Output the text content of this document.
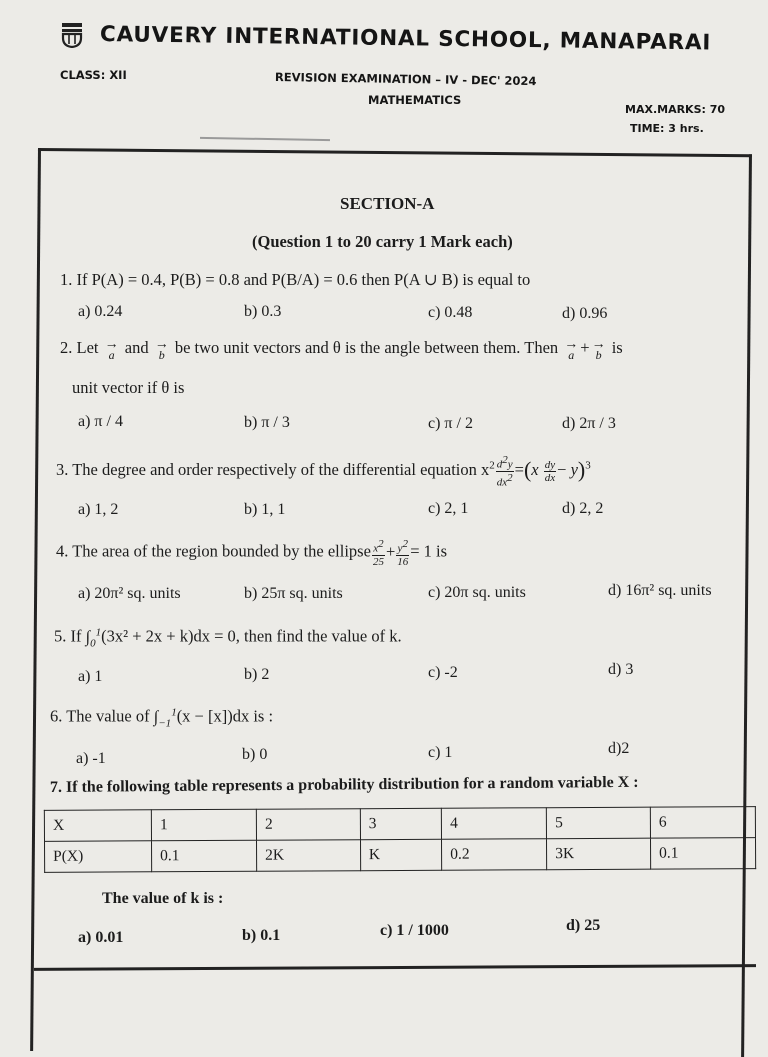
CAUVERY INTERNATIONAL SCHOOL, MANAPARAI
CLASS: XII	REVISION EXAMINATION – IV - DEC' 2024
MATHEMATICS
MAX.MARKS: 70
TIME: 3 hrs.
SECTION-A
(Question 1 to 20 carry 1 Mark each)
1. If P(A) = 0.4, P(B) = 0.8 and P(B/A) = 0.6 then P(A ∪ B) is equal to
a) 0.24	b) 0.3	c) 0.48	d) 0.96
2. Let →
a and →
b be two unit vectors and θ is the angle between them. Then →
a + →
b is
unit vector if θ is
a) π / 4	b) π / 3	c) π / 2	d) 2π / 3
3. The degree and order respectively of the differential equation $x^2 \frac{d^2y}{dx^2} =(x \frac{dy}{dx} - y)^3$
a) 1, 2	b) 1, 1	c) 2, 1	d) 2, 2
4. The area of the region bounded by the ellipse $\frac{x^2}{25} + \frac{y^2}{16} = 1$ is
a) 20π² sq. units	b) 25π sq. units	c) 20π sq. units	d) 16π² sq. units
5. If $\int_0^1(3x^2 + 2x + k)dx = 0$, then find the value of k.
a) 1	b) 2	c) -2	d) 3
6. The value of $\int_{-1}^1(x - [x])dx$ is :
a) -1	b) 0	c) 1	d)2
7. If the following table represents a probability distribution for a random variable X :
X	1	2	3	4	5	6
P(X)	0.1	2K	K	0.2	3K	0.1
The value of k is :
a) 0.01	b) 0.1	c) 1 / 1000	d) 25
